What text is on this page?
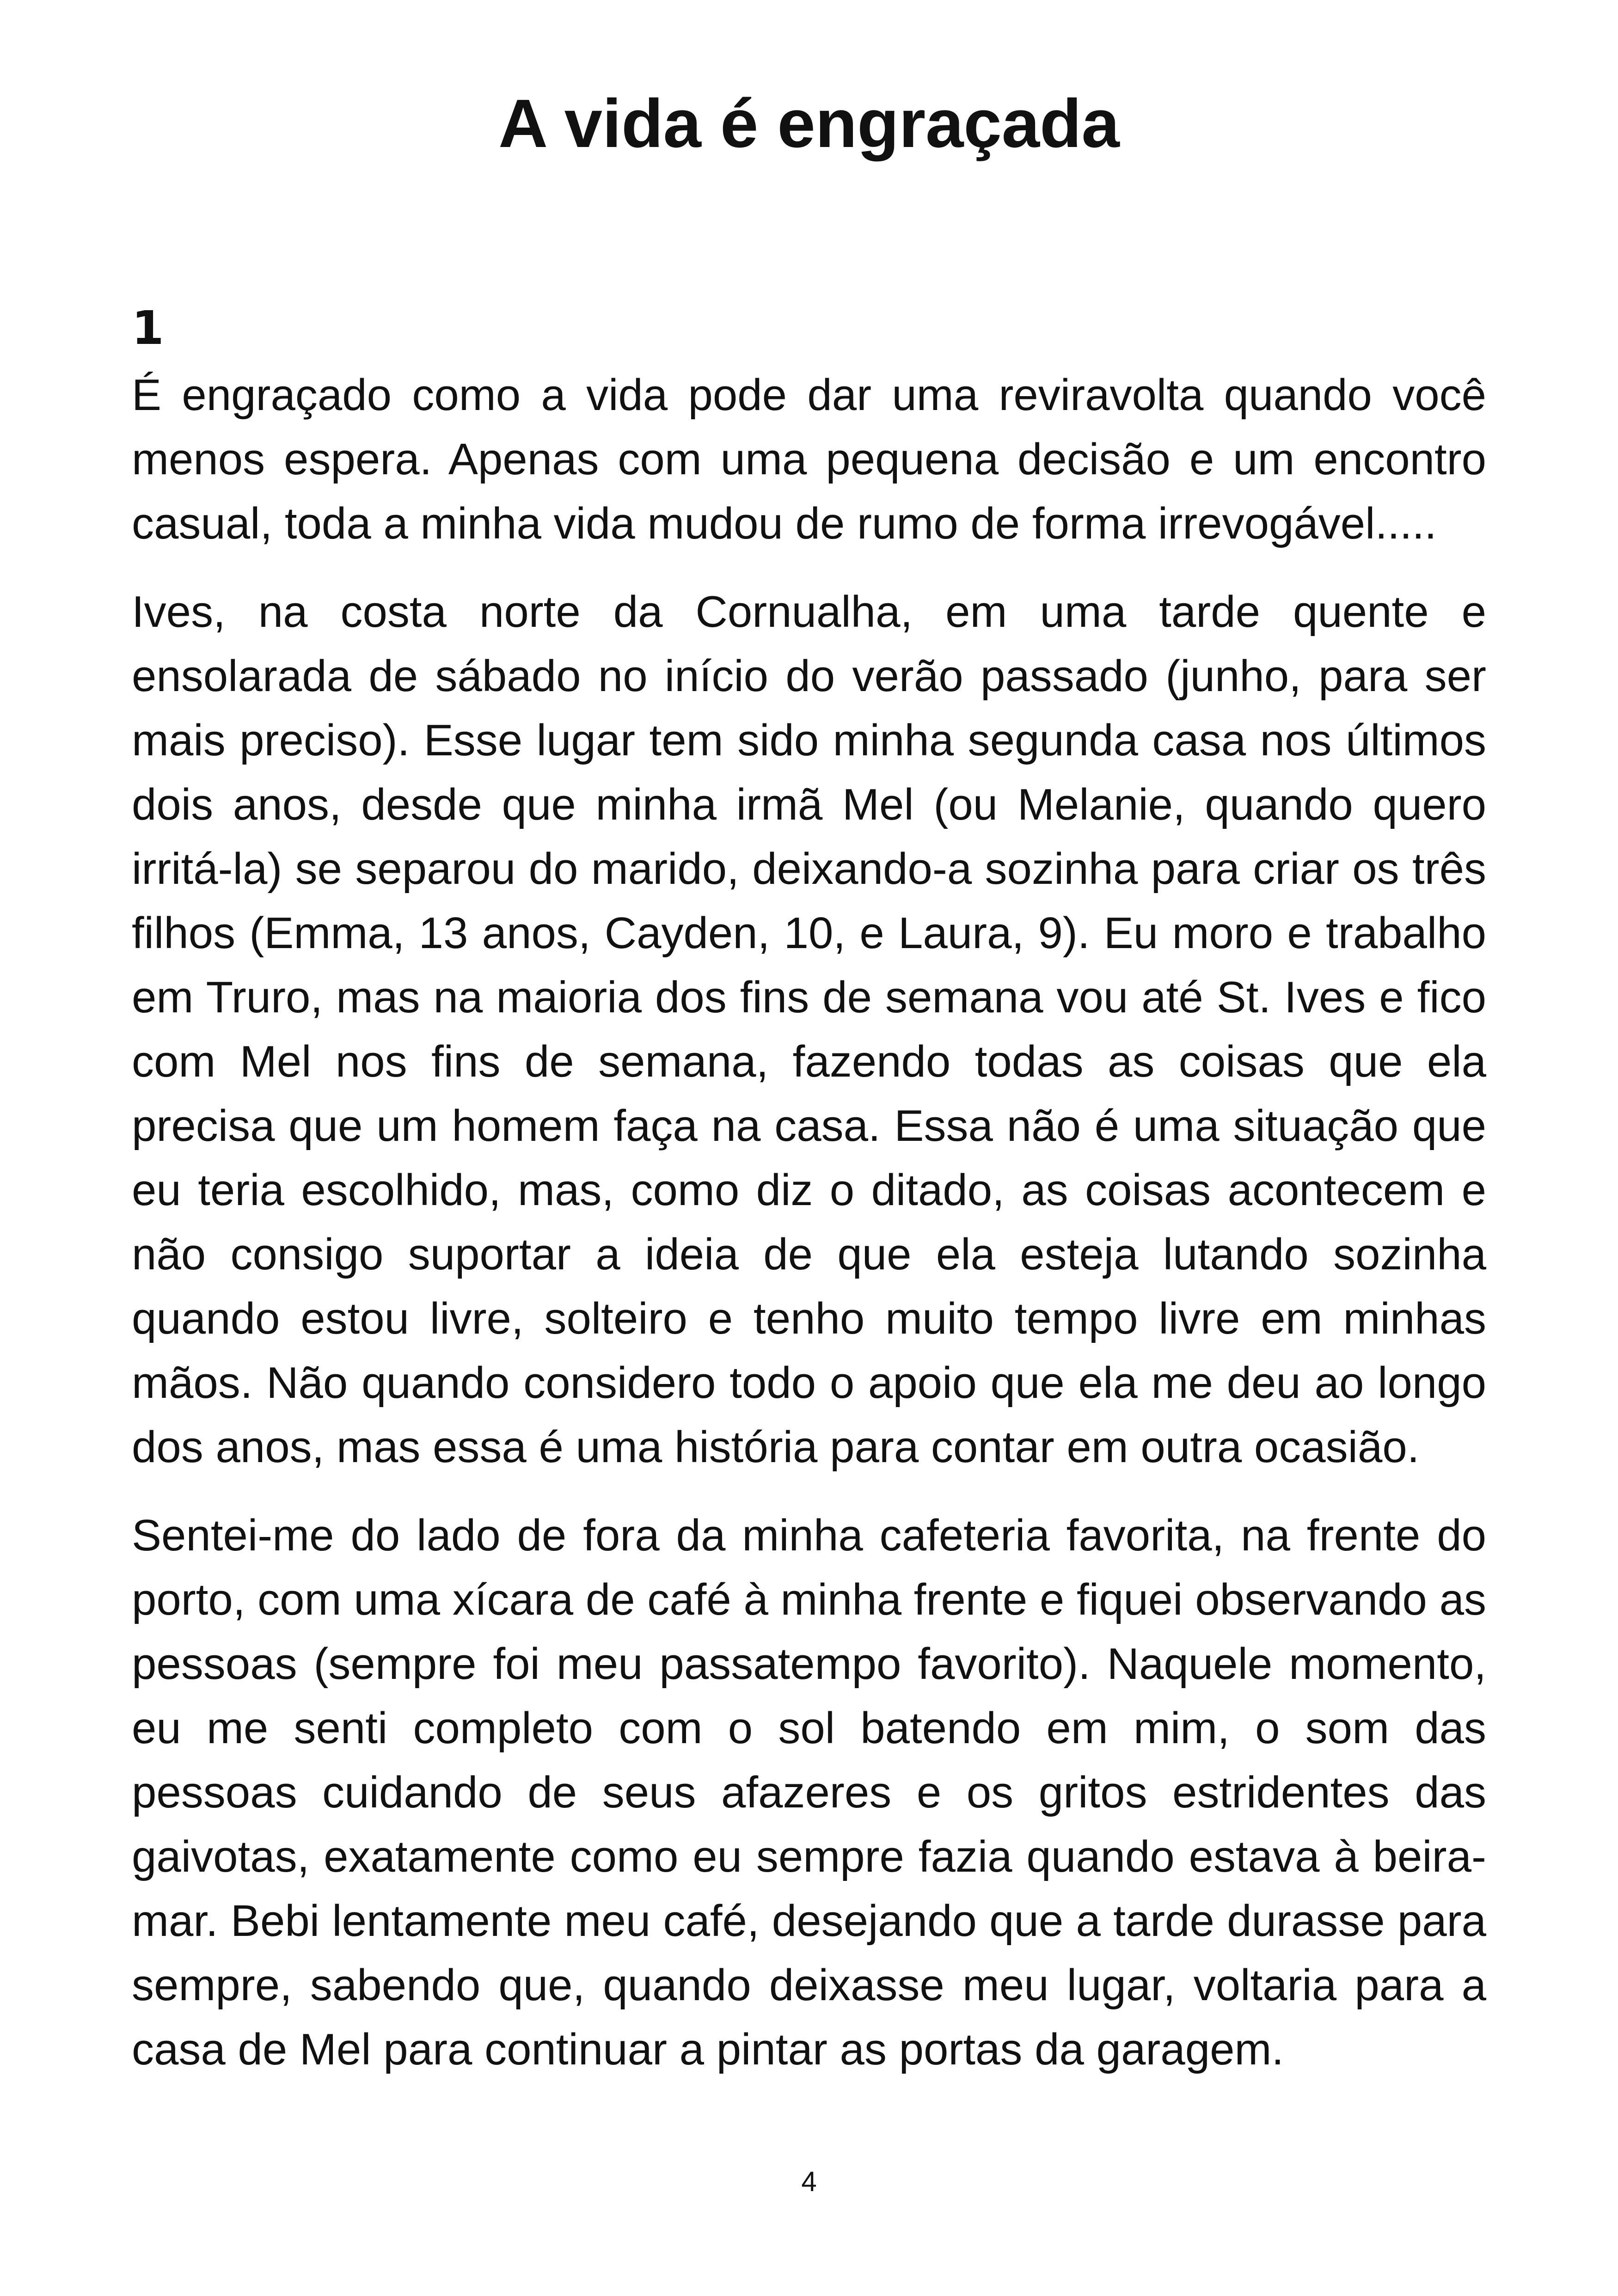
A vida é engraçada
1

É engraçado como a vida pode dar uma reviravolta quando você menos espera. Apenas com uma pequena decisão e um encontro casual, toda a minha vida mudou de rumo de forma irrevogável.....

Ives, na costa norte da Cornualha, em uma tarde quente e ensolarada de sábado no início do verão passado (junho, para ser mais preciso). Esse lugar tem sido minha segunda casa nos últimos dois anos, desde que minha irmã Mel (ou Melanie, quando quero irritá-la) se separou do marido, deixando-a sozinha para criar os três filhos (Emma, 13 anos, Cayden, 10, e Laura, 9). Eu moro e trabalho em Truro, mas na maioria dos fins de semana vou até St. Ives e fico com Mel nos fins de semana, fazendo todas as coisas que ela precisa que um homem faça na casa. Essa não é uma situação que eu teria escolhido, mas, como diz o ditado, as coisas acontecem e não consigo suportar a ideia de que ela esteja lutando sozinha quando estou livre, solteiro e tenho muito tempo livre em minhas mãos. Não quando considero todo o apoio que ela me deu ao longo dos anos, mas essa é uma história para contar em outra ocasião.

Sentei-me do lado de fora da minha cafeteria favorita, na frente do porto, com uma xícara de café à minha frente e fiquei observando as pessoas (sempre foi meu passatempo favorito). Naquele momento, eu me senti completo com o sol batendo em mim, o som das pessoas cuidando de seus afazeres e os gritos estridentes das gaivotas, exatamente como eu sempre fazia quando estava à beira-mar. Bebi lentamente meu café, desejando que a tarde durasse para sempre, sabendo que, quando deixasse meu lugar, voltaria para a casa de Mel para continuar a pintar as portas da garagem.

4
